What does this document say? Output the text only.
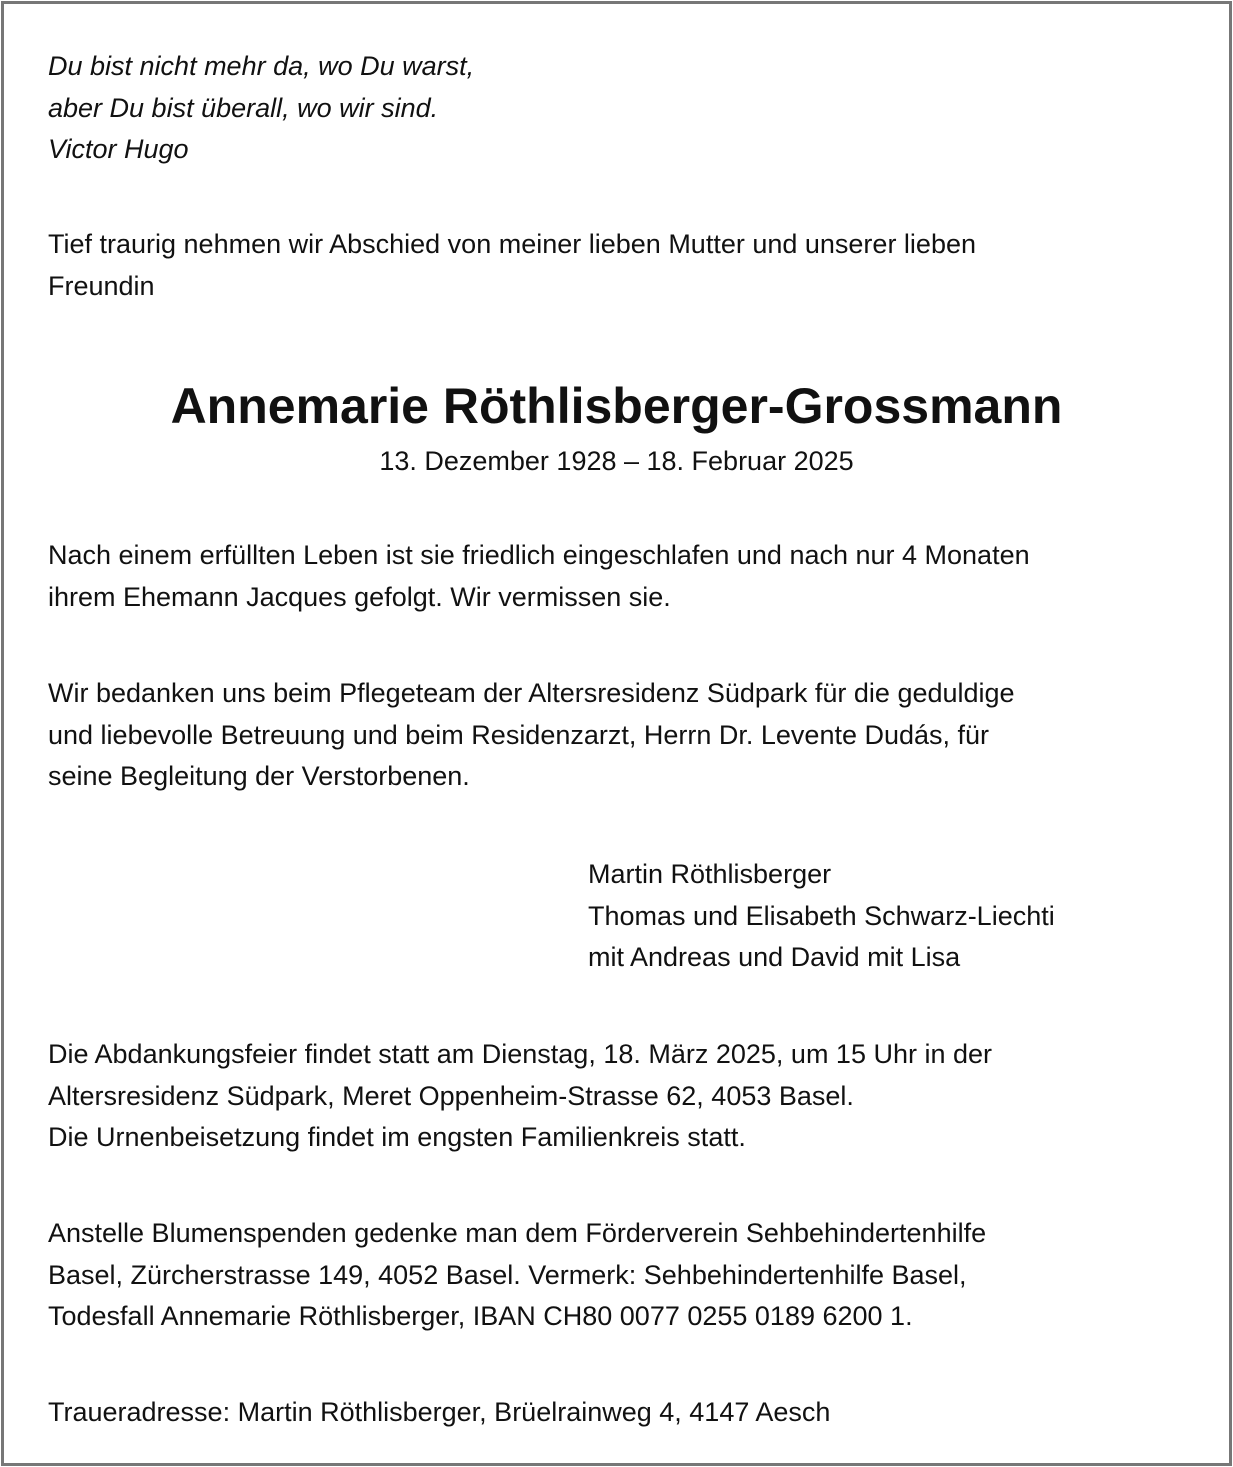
Du bist nicht mehr da, wo Du warst,
aber Du bist überall, wo wir sind.
Victor Hugo
Tief traurig nehmen wir Abschied von meiner lieben Mutter und unserer lieben
Freundin
Annemarie Röthlisberger-Grossmann
13. Dezember 1928 – 18. Februar 2025
Nach einem erfüllten Leben ist sie friedlich eingeschlafen und nach nur 4 Monaten
ihrem Ehemann Jacques gefolgt. Wir vermissen sie.
Wir bedanken uns beim Pflegeteam der Altersresidenz Südpark für die geduldige
und liebevolle Betreuung und beim Residenzarzt, Herrn Dr. Levente Dudás, für
seine Begleitung der Verstorbenen.
Martin Röthlisberger
Thomas und Elisabeth Schwarz-Liechti
mit Andreas und David mit Lisa
Die Abdankungsfeier findet statt am Dienstag, 18. März 2025, um 15 Uhr in der
Altersresidenz Südpark, Meret Oppenheim-Strasse 62, 4053 Basel.
Die Urnenbeisetzung findet im engsten Familienkreis statt.
Anstelle Blumenspenden gedenke man dem Förderverein Sehbehindertenhilfe
Basel, Zürcherstrasse 149, 4052 Basel. Vermerk: Sehbehindertenhilfe Basel,
Todesfall Annemarie Röthlisberger, IBAN CH80 0077 0255 0189 6200 1.
Traueradresse: Martin Röthlisberger, Brüelrainweg 4, 4147 Aesch
